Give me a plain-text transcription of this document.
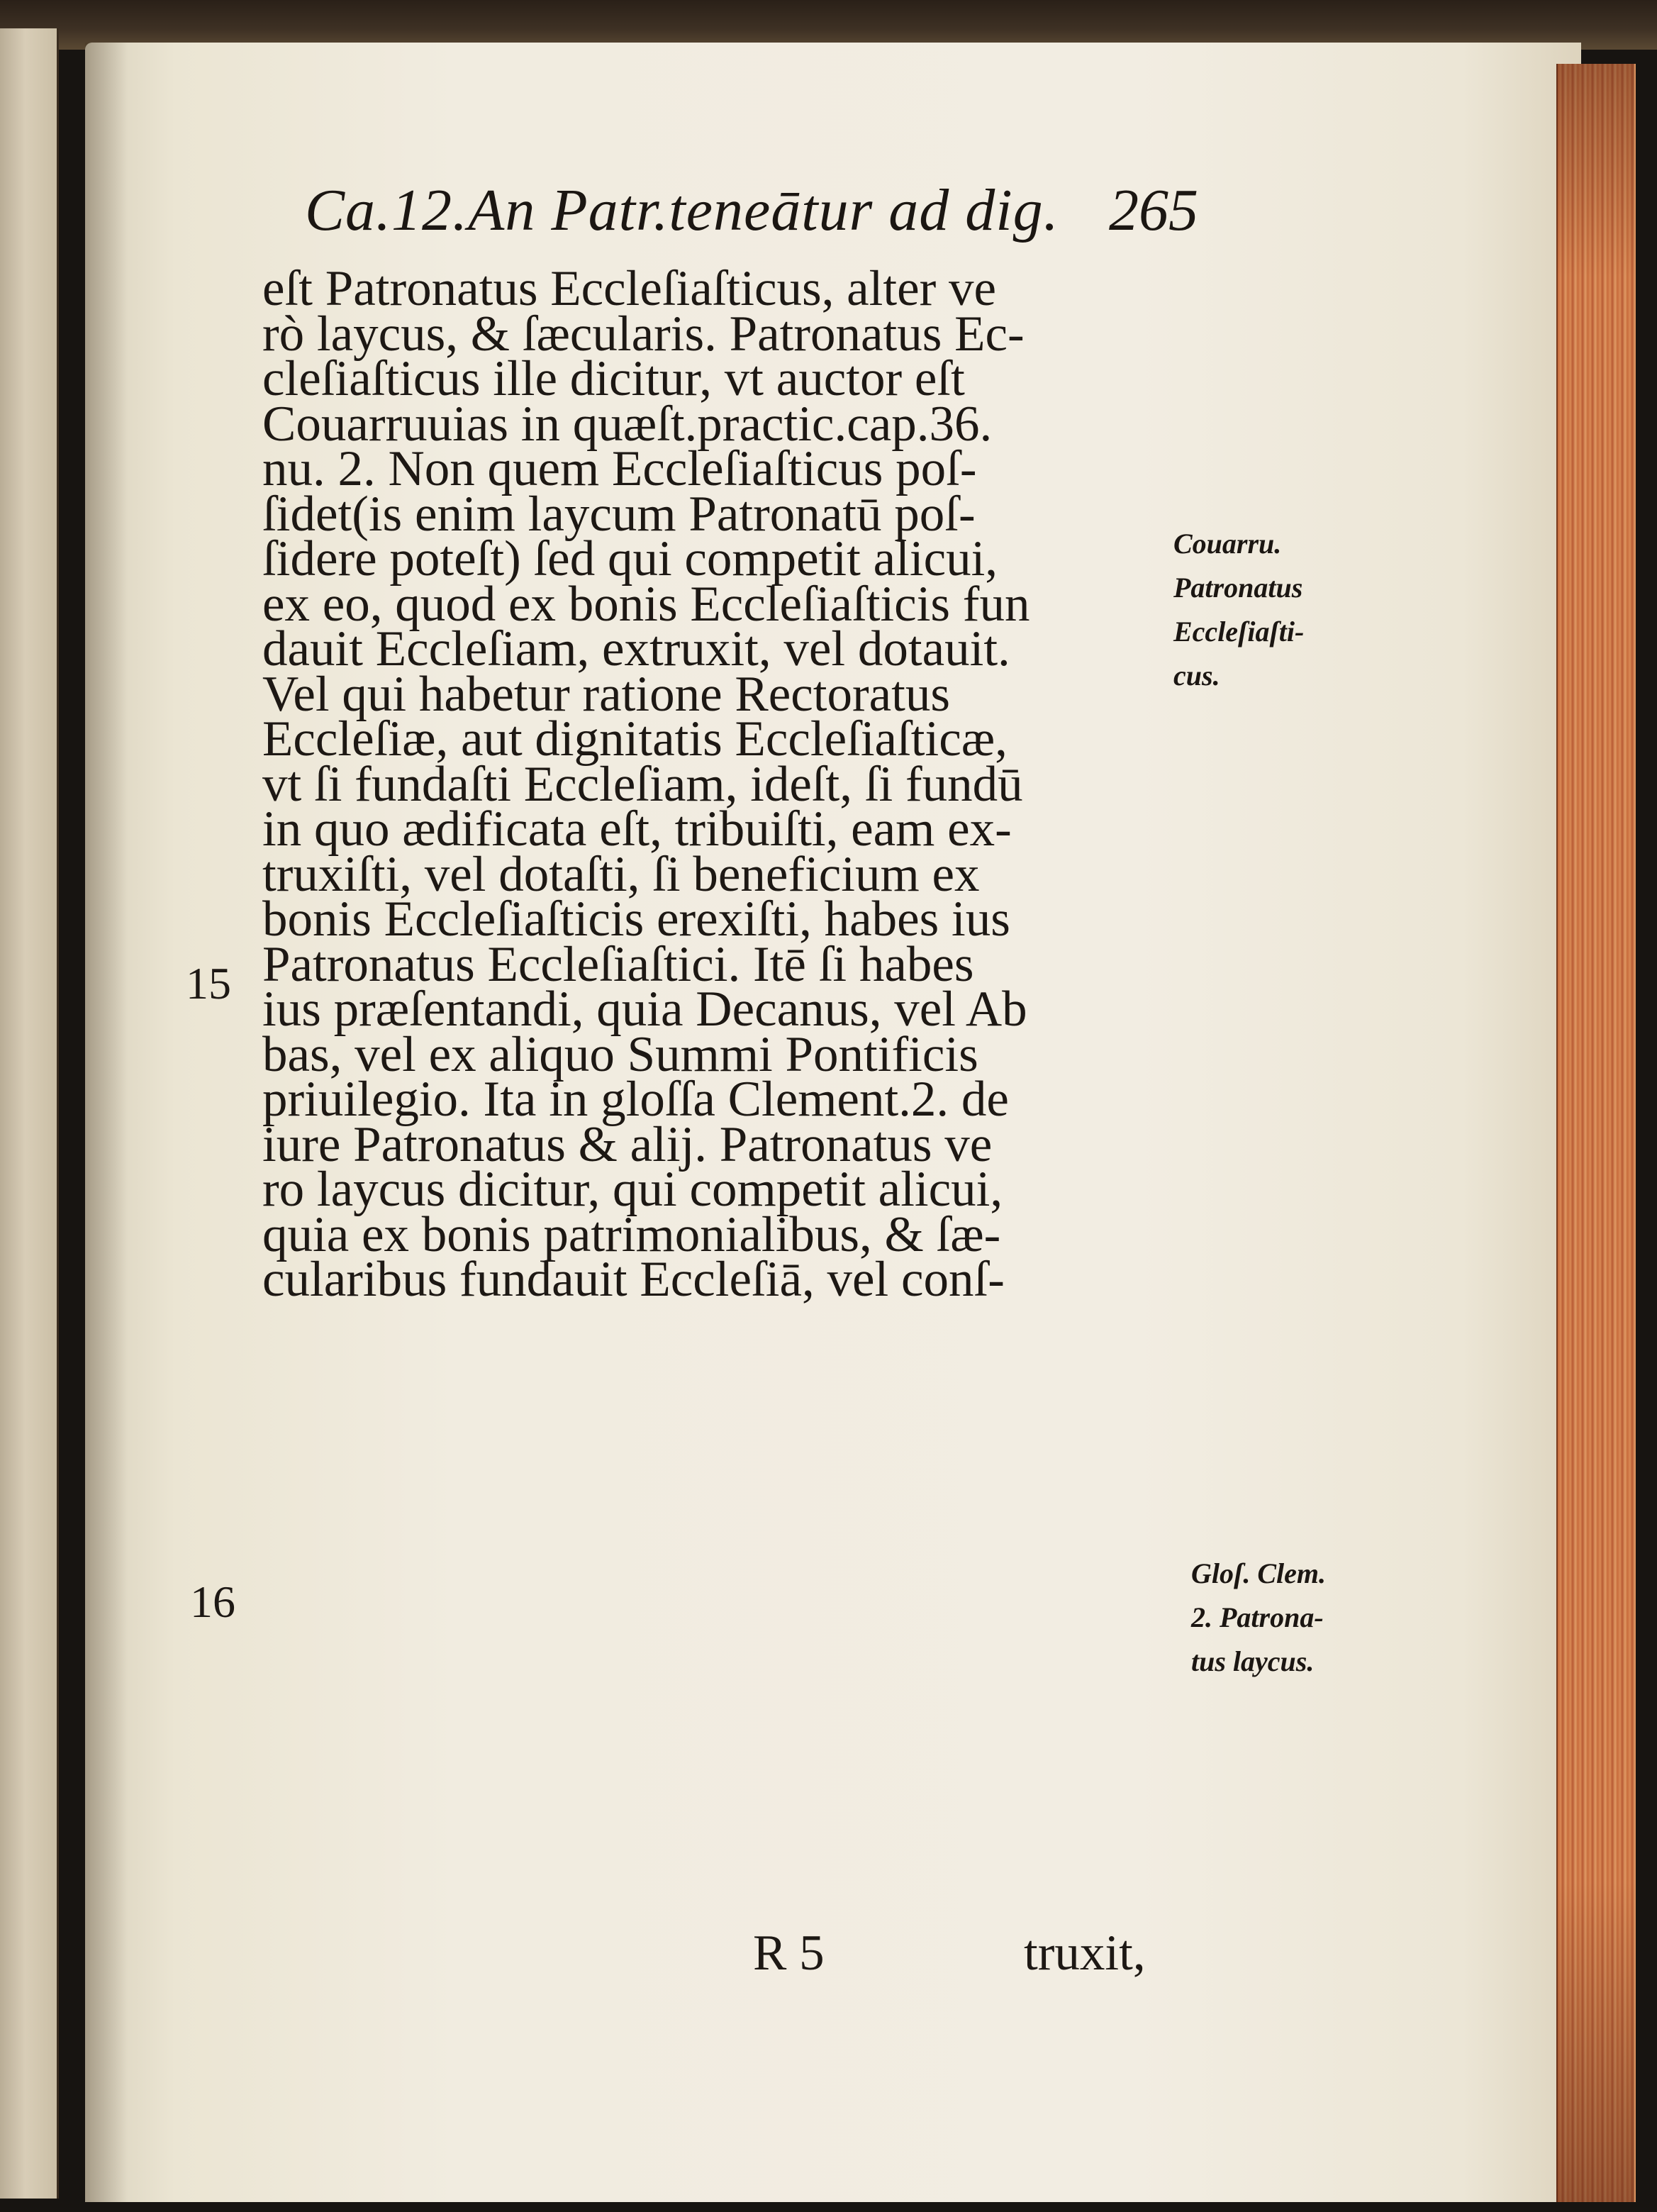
Ca.12.An Patr.teneātur ad dig. 265
eſt Patronatus Eccleſiaſticus, alter ve
rò laycus, & ſæcularis. Patronatus Ec-
cleſiaſticus ille dicitur, vt auctor eſt
Couarruuias in quæſt.practic.cap.36.
nu. 2. Non quem Eccleſiaſticus poſ-
ſidet(is enim laycum Patronatū poſ-
ſidere poteſt) ſed qui competit alicui,
ex eo, quod ex bonis Eccleſiaſticis fun
dauit Eccleſiam, extruxit, vel dotauit.
Vel qui habetur ratione Rectoratus
Eccleſiæ, aut dignitatis Eccleſiaſticæ,
vt ſi fundaſti Eccleſiam, ideſt, ſi fundū
in quo ædificata eſt, tribuiſti, eam ex-
truxiſti, vel dotaſti, ſi beneficium ex
bonis Eccleſiaſticis erexiſti, habes ius
Patronatus Eccleſiaſtici. Itē ſi habes
ius præſentandi, quia Decanus, vel Ab
bas, vel ex aliquo Summi Pontificis
priuilegio. Ita in gloſſa Clement.2. de
iure Patronatus & alij. Patronatus ve
ro laycus dicitur, qui competit alicui,
quia ex bonis patrimonialibus, & ſæ-
cularibus fundauit Eccleſiā, vel conſ-
15
16
Couarru.
Patronatus
Eccleſiaſti-
cus.
Gloſ. Clem.
2. Patrona-
tus laycus.
R 5	truxit,
